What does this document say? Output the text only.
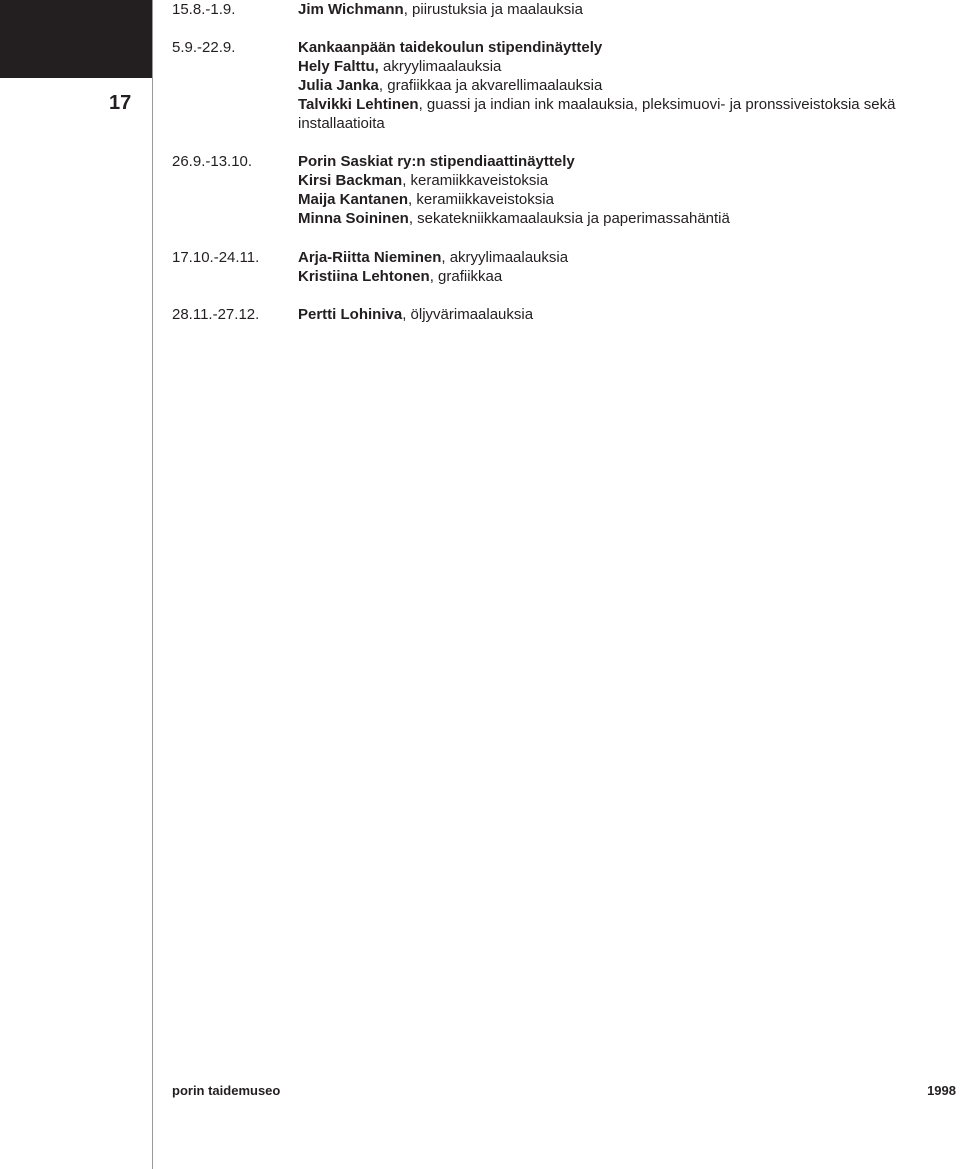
17
15.8.-1.9.	Jim Wichmann, piirustuksia ja maalauksia
5.9.-22.9.	Kankaanpään taidekoulun stipendinäyttely
Hely Falttu, akryylimaalauksia
Julia Janka, grafiikkaa ja akvarellimaalauksia
Talvikki Lehtinen, guassi ja indian ink maalauksia, pleksimuovi- ja pronssiveistoksia sekä installaatioita
26.9.-13.10.	Porin Saskiat ry:n stipendiaattinäyttely
Kirsi Backman, keramiikkaveistoksia
Maija Kantanen, keramiikkaveistoksia
Minna Soininen, sekatekniikkamaalauksia ja paperimassahäntiä
17.10.-24.11.	Arja-Riitta Nieminen, akryylimaalauksia
Kristiina Lehtonen, grafiikkaa
28.11.-27.12.	Pertti Lohiniva, öljyvärimaalauksia
porin taidemuseo	1998
